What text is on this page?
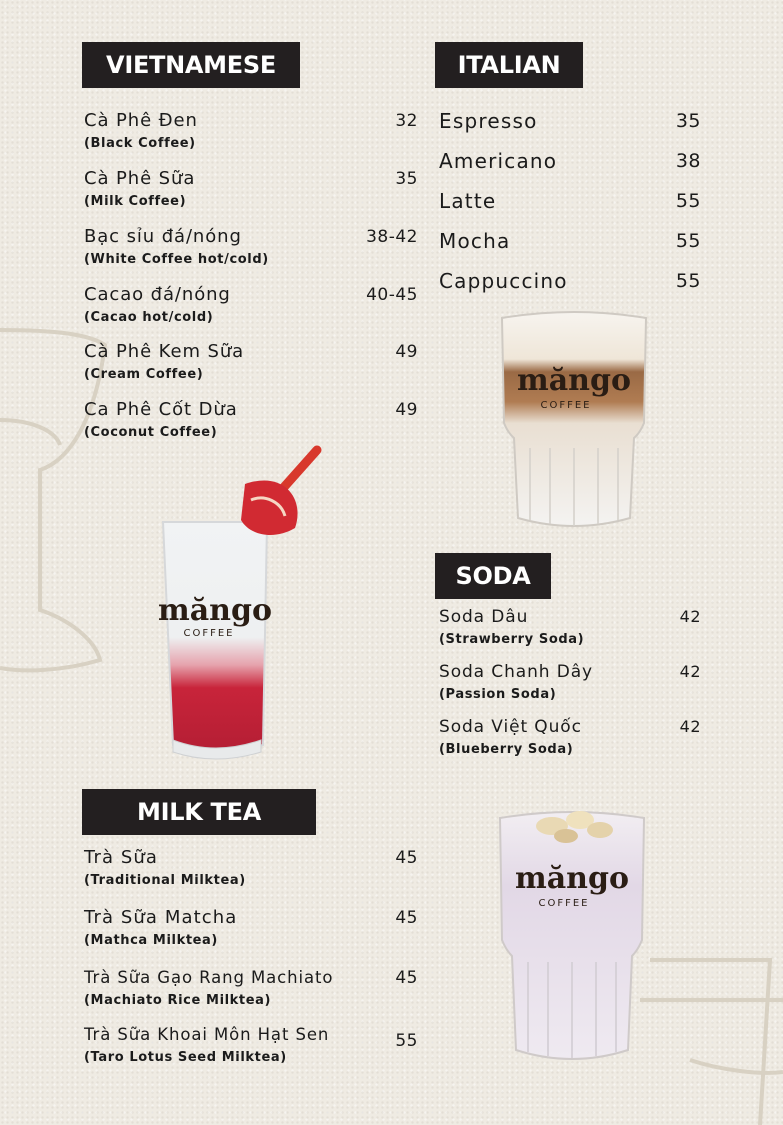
VIETNAMESE
Cà Phê Đen
(Black Coffee)
32
Cà Phê Sữa
(Milk Coffee)
35
Bạc sỉu đá/nóng
(White Coffee hot/cold)
38-42
Cacao đá/nóng
(Cacao hot/cold)
40-45
Cà Phê Kem Sữa
(Cream Coffee)
49
Ca Phê Cốt Dừa
(Coconut Coffee)
49
ITALIAN
Espresso	35
Americano	38
Latte	55
Mocha	55
Cappuccino	55
măngo
COFFEE
SODA
Soda Dâu
(Strawberry Soda)
42
Soda Chanh Dây
(Passion Soda)
42
Soda Việt Quốc
(Blueberry Soda)
42
măngo
COFFEE
MILK TEA
Trà Sữa
(Traditional Milktea)
45
Trà Sữa Matcha
(Mathca Milktea)
45
Trà Sữa Gạo Rang Machiato
(Machiato Rice Milktea)
45
Trà Sữa Khoai Môn Hạt Sen
(Taro Lotus Seed Milktea)
55
măngo
COFFEE
